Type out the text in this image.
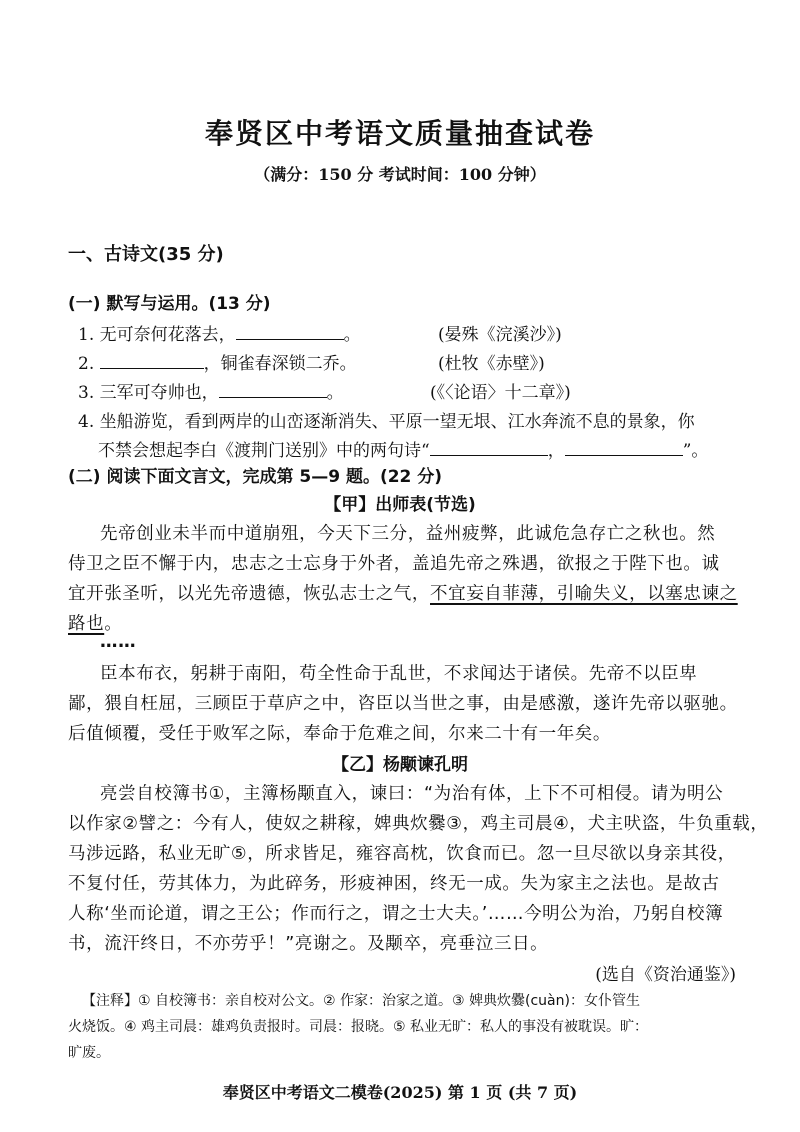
奉贤区中考语文质量抽查试卷
（满分：150 分 考试时间：100 分钟）
一、古诗文(35 分)
(一) 默写与运用。(13 分)
1. 无可奈何花落去，	。	(晏殊《浣溪沙》)
2.	，铜雀春深锁二乔。	(杜牧《赤壁》)
3. 三军可夺帅也，	。	(《〈论语〉十二章》)
4. 坐船游览，看到两岸的山峦逐渐消失、平原一望无垠、江水奔流不息的景象，你
不禁会想起李白《渡荆门送别》中的两句诗“	，	”。
(二) 阅读下面文言文，完成第 5—9 题。(22 分)
【甲】出师表(节选)
先帝创业未半而中道崩殂，今天下三分，益州疲弊，此诚危急存亡之秋也。然
侍卫之臣不懈于内，忠志之士忘身于外者，盖追先帝之殊遇，欲报之于陛下也。诚
宜开张圣听，以光先帝遗德，恢弘志士之气，不宜妄自菲薄，引喻失义，以塞忠谏之
路也。
……
臣本布衣，躬耕于南阳，苟全性命于乱世，不求闻达于诸侯。先帝不以臣卑
鄙，猥自枉屈，三顾臣于草庐之中，咨臣以当世之事，由是感激，遂许先帝以驱驰。
后值倾覆，受任于败军之际，奉命于危难之间，尔来二十有一年矣。
【乙】杨颙谏孔明
亮尝自校簿书①，主簿杨颙直入，谏曰：“为治有体，上下不可相侵。请为明公
以作家②譬之：今有人，使奴之耕稼，婢典炊爨③，鸡主司晨④，犬主吠盗，牛负重载，
马涉远路，私业无旷⑤，所求皆足，雍容高枕，饮食而已。忽一旦尽欲以身亲其役，
不复付任，劳其体力，为此碎务，形疲神困，终无一成。失为家主之法也。是故古
人称‘坐而论道，谓之王公；作而行之，谓之士大夫。’……今明公为治，乃躬自校簿
书，流汗终日，不亦劳乎！”亮谢之。及颙卒，亮垂泣三日。
(选自《资治通鉴》)
【注释】① 自校簿书：亲自校对公文。② 作家：治家之道。③ 婢典炊爨(cuàn)：女仆管生
火烧饭。④ 鸡主司晨：雄鸡负责报时。司晨：报晓。⑤ 私业无旷：私人的事没有被耽误。旷：
旷废。
奉贤区中考语文二模卷(2025) 第 1 页 (共 7 页)
